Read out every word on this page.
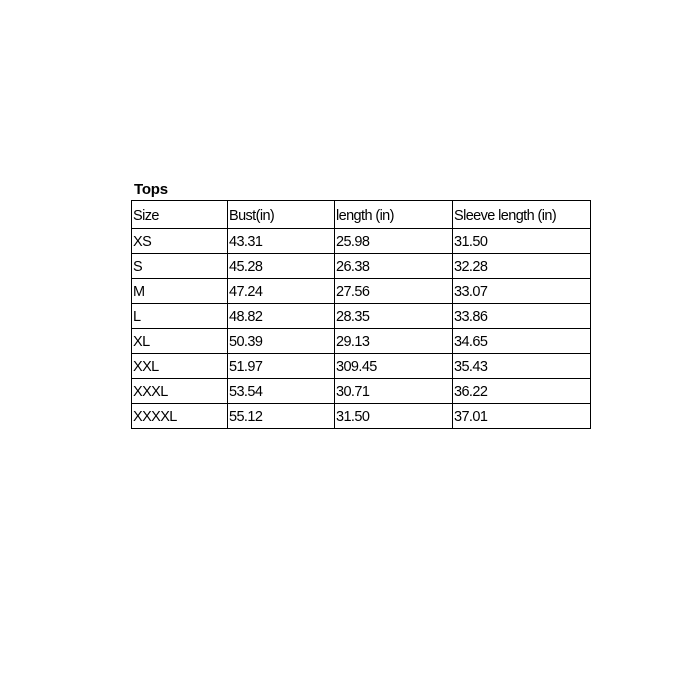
Tops
Size	Bust(in)	length (in)	Sleeve length (in)
XS	43.31	25.98	31.50
S	45.28	26.38	32.28
M	47.24	27.56	33.07
L	48.82	28.35	33.86
XL	50.39	29.13	34.65
XXL	51.97	309.45	35.43
XXXL	53.54	30.71	36.22
XXXXL	55.12	31.50	37.01
